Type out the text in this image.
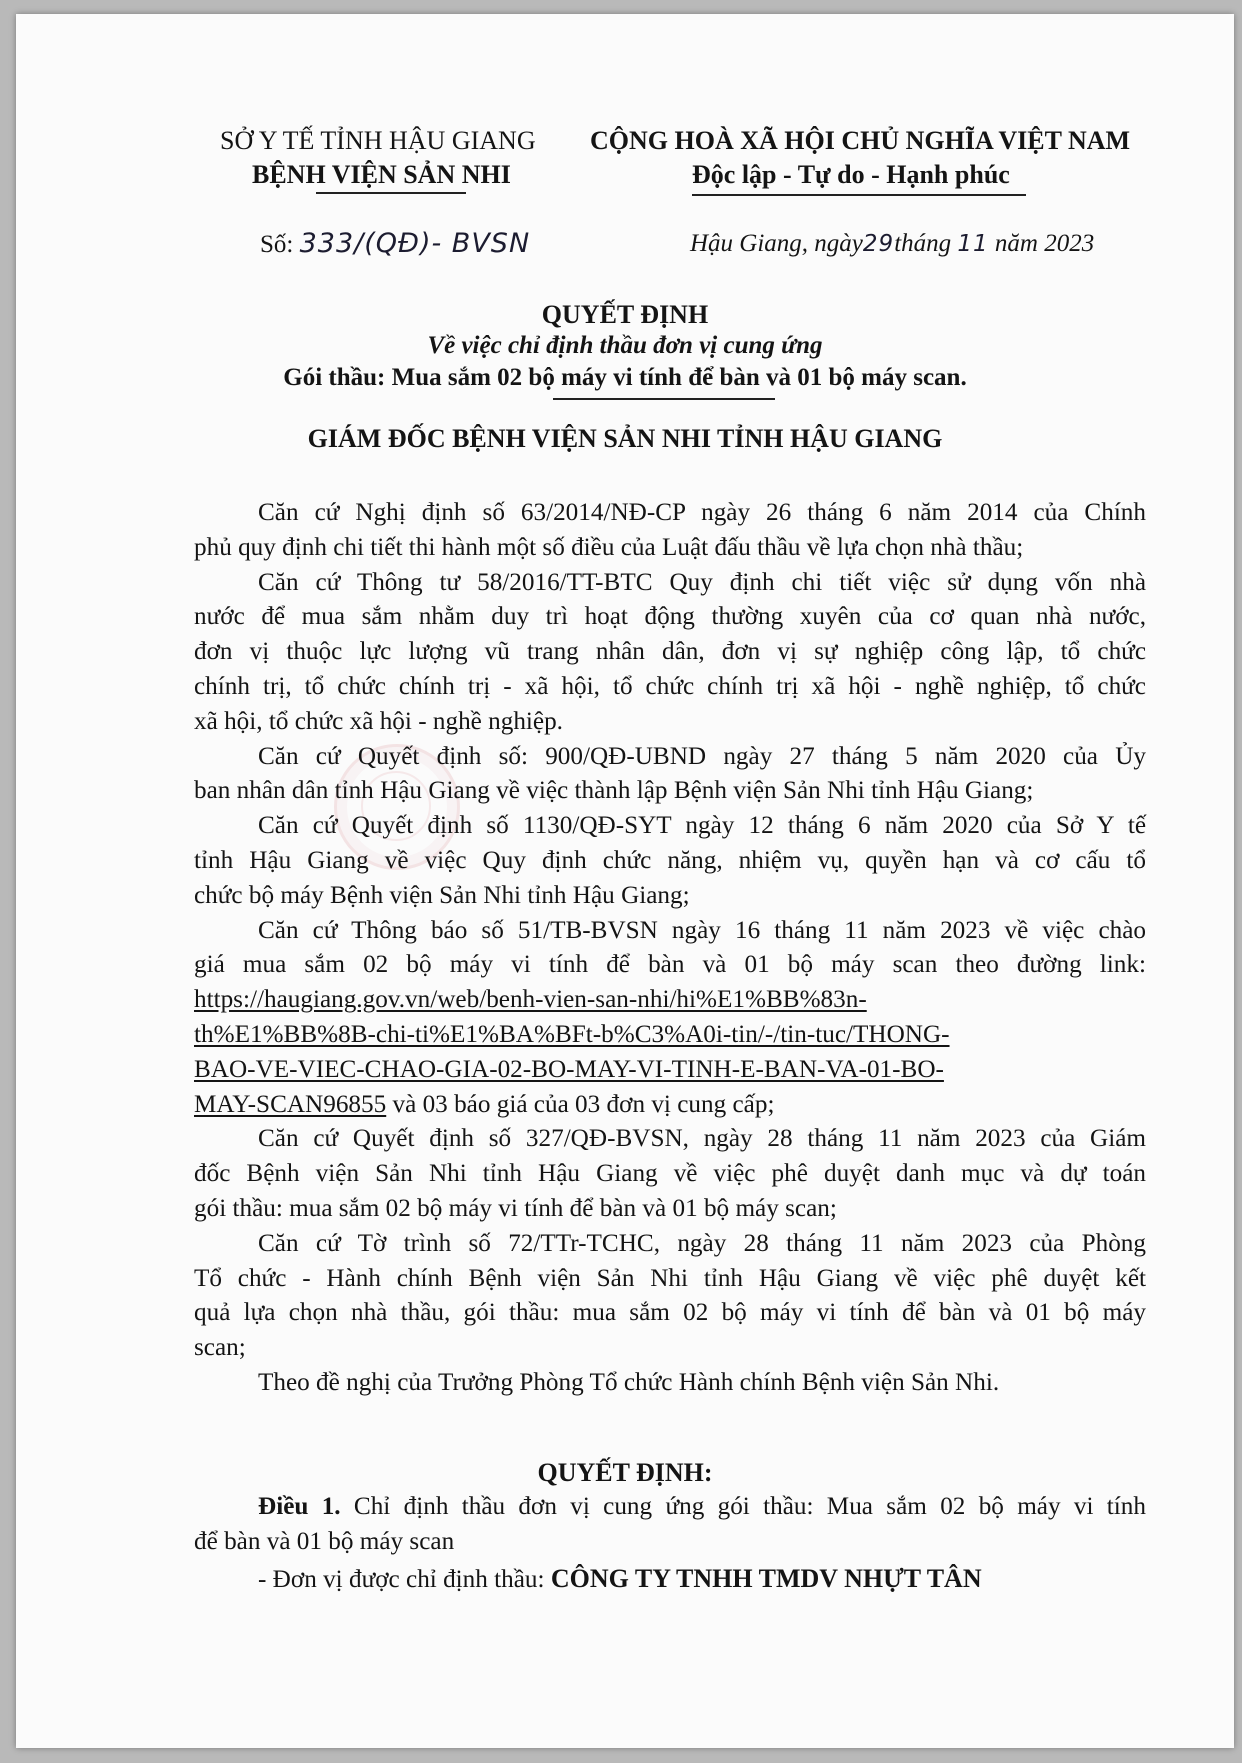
SỞ Y TẾ TỈNH HẬU GIANG
BỆNH VIỆN SẢN NHI
CỘNG HOÀ XÃ HỘI CHỦ NGHĨA VIỆT NAM
Độc lập - Tự do - Hạnh phúc
Số: 333/(QĐ)- BVSN	Hậu Giang, ngày29tháng 11 năm 2023
QUYẾT ĐỊNH
Về việc chỉ định thầu đơn vị cung ứng
Gói thầu: Mua sắm 02 bộ máy vi tính để bàn và 01 bộ máy scan.
GIÁM ĐỐC BỆNH VIỆN SẢN NHI TỈNH HẬU GIANG
Căn cứ Nghị định số 63/2014/NĐ-CP ngày 26 tháng 6 năm 2014 của Chính
phủ quy định chi tiết thi hành một số điều của Luật đấu thầu về lựa chọn nhà thầu;
Căn cứ Thông tư 58/2016/TT-BTC Quy định chi tiết việc sử dụng vốn nhà
nước để mua sắm nhằm duy trì hoạt động thường xuyên của cơ quan nhà nước,
đơn vị thuộc lực lượng vũ trang nhân dân, đơn vị sự nghiệp công lập, tổ chức
chính trị, tổ chức chính trị - xã hội, tổ chức chính trị xã hội - nghề nghiệp, tổ chức
xã hội, tổ chức xã hội - nghề nghiệp.
Căn cứ Quyết định số: 900/QĐ-UBND ngày 27 tháng 5 năm 2020 của Ủy
ban nhân dân tỉnh Hậu Giang về việc thành lập Bệnh viện Sản Nhi tỉnh Hậu Giang;
Căn cứ Quyết định số 1130/QĐ-SYT ngày 12 tháng 6 năm 2020 của Sở Y tế
tỉnh Hậu Giang về việc Quy định chức năng, nhiệm vụ, quyền hạn và cơ cấu tổ
chức bộ máy Bệnh viện Sản Nhi tỉnh Hậu Giang;
Căn cứ Thông báo số 51/TB-BVSN ngày 16 tháng 11 năm 2023 về việc chào
giá mua sắm 02 bộ máy vi tính để bàn và 01 bộ máy scan theo đường link:
https://haugiang.gov.vn/web/benh-vien-san-nhi/hi%E1%BB%83n-
th%E1%BB%8B-chi-ti%E1%BA%BFt-b%C3%A0i-tin/-/tin-tuc/THONG-
BAO-VE-VIEC-CHAO-GIA-02-BO-MAY-VI-TINH-E-BAN-VA-01-BO-
MAY-SCAN96855 và 03 báo giá của 03 đơn vị cung cấp;
Căn cứ Quyết định số 327/QĐ-BVSN, ngày 28 tháng 11 năm 2023 của Giám
đốc Bệnh viện Sản Nhi tỉnh Hậu Giang về việc phê duyệt danh mục và dự toán
gói thầu: mua sắm 02 bộ máy vi tính để bàn và 01 bộ máy scan;
Căn cứ Tờ trình số 72/TTr-TCHC, ngày 28 tháng 11 năm 2023 của Phòng
Tổ chức - Hành chính Bệnh viện Sản Nhi tỉnh Hậu Giang về việc phê duyệt kết
quả lựa chọn nhà thầu, gói thầu: mua sắm 02 bộ máy vi tính để bàn và 01 bộ máy
scan;
Theo đề nghị của Trưởng Phòng Tổ chức Hành chính Bệnh viện Sản Nhi.
QUYẾT ĐỊNH:
Điều 1. Chỉ định thầu đơn vị cung ứng gói thầu: Mua sắm 02 bộ máy vi tính
để bàn và 01 bộ máy scan
- Đơn vị được chỉ định thầu: CÔNG TY TNHH TMDV NHỰT TÂN
